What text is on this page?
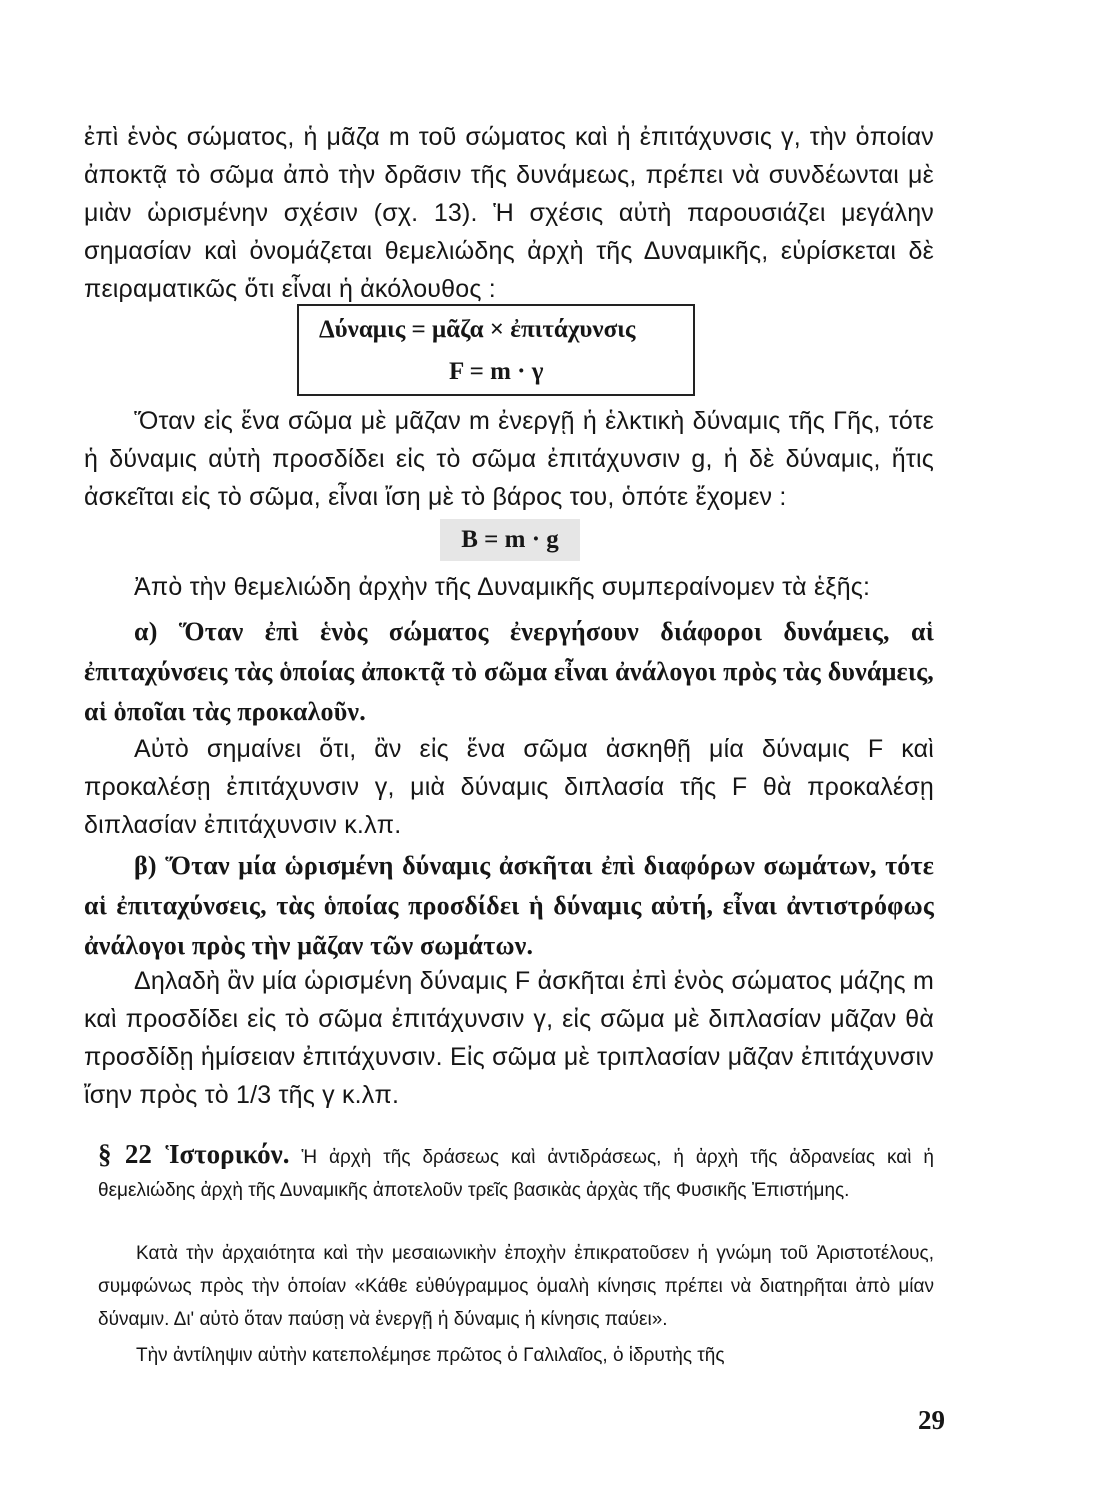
ἐπὶ ἑνὸς σώματος, ἡ μᾶζα m τοῦ σώματος καὶ ἡ ἐπιτάχυνσις γ, τὴν ὁποίαν ἀποκτᾷ τὸ σῶμα ἀπὸ τὴν δρᾶσιν τῆς δυνάμεως, πρέπει νὰ συνδέωνται μὲ μιὰν ὡρισμένην σχέσιν (σχ. 13). Ἡ σχέσις αὐτὴ παρουσιάζει μεγάλην σημασίαν καὶ ὀνομάζεται θεμελιώδης ἀρχὴ τῆς Δυναμικῆς, εὑρίσκεται δὲ πειραματικῶς ὅτι εἶναι ἡ ἀκόλουθος :
Δύναμις = μᾶζα × ἐπιτάχυνσις
F = m · γ
Ὅταν εἰς ἕνα σῶμα μὲ μᾶζαν m ἐνεργῇ ἡ ἑλκτικὴ δύναμις τῆς Γῆς, τότε ἡ δύναμις αὐτὴ προσδίδει εἰς τὸ σῶμα ἐπιτάχυνσιν g, ἡ δὲ δύναμις, ἥτις ἀσκεῖται εἰς τὸ σῶμα, εἶναι ἴση μὲ τὸ βάρος του, ὁπότε ἔχομεν :
B = m · g
Ἀπὸ τὴν θεμελιώδη ἀρχὴν τῆς Δυναμικῆς συμπεραίνομεν τὰ ἑξῆς:
α) Ὅταν ἐπὶ ἑνὸς σώματος ἐνεργήσουν διάφοροι δυνάμεις, αἱ ἐπιταχύνσεις τὰς ὁποίας ἀποκτᾷ τὸ σῶμα εἶναι ἀνάλογοι πρὸς τὰς δυνάμεις, αἱ ὁποῖαι τὰς προκαλοῦν.
Αὐτὸ σημαίνει ὅτι, ἂν εἰς ἕνα σῶμα ἀσκηθῇ μία δύναμις F καὶ προκαλέσῃ ἐπιτάχυνσιν γ, μιὰ δύναμις διπλασία τῆς F θὰ προκαλέσῃ διπλασίαν ἐπιτάχυνσιν κ.λπ.
β) Ὅταν μία ὡρισμένη δύναμις ἀσκῆται ἐπὶ διαφόρων σωμάτων, τότε αἱ ἐπιταχύνσεις, τὰς ὁποίας προσδίδει ἡ δύναμις αὐτή, εἶναι ἀντιστρόφως ἀνάλογοι πρὸς τὴν μᾶζαν τῶν σωμάτων.
Δηλαδὴ ἂν μία ὡρισμένη δύναμις F ἀσκῆται ἐπὶ ἑνὸς σώματος μάζης m καὶ προσδίδει εἰς τὸ σῶμα ἐπιτάχυνσιν γ, εἰς σῶμα μὲ διπλασίαν μᾶζαν θὰ προσδίδῃ ἡμίσειαν ἐπιτάχυνσιν. Εἰς σῶμα μὲ τριπλασίαν μᾶζαν ἐπιτάχυνσιν ἴσην πρὸς τὸ 1/3 τῆς γ κ.λπ.
§ 22 Ἱστορικόν. Ἡ ἀρχὴ τῆς δράσεως καὶ ἀντιδράσεως, ἡ ἀρχὴ τῆς ἀδρανείας καὶ ἡ θεμελιώδης ἀρχὴ τῆς Δυναμικῆς ἀποτελοῦν τρεῖς βασικὰς ἀρχὰς τῆς Φυσικῆς Ἐπιστήμης.
Κατὰ τὴν ἀρχαιότητα καὶ τὴν μεσαιωνικὴν ἐποχὴν ἐπικρατοῦσεν ἡ γνώμη τοῦ Ἀριστοτέλους, συμφώνως πρὸς τὴν ὁποίαν «Κάθε εὐθύγραμμος ὁμαλὴ κίνησις πρέπει νὰ διατηρῆται ἀπὸ μίαν δύναμιν. Δι' αὐτὸ ὅταν παύσῃ νὰ ἐνεργῇ ἡ δύναμις ἡ κίνησις παύει».
Τὴν ἀντίληψιν αὐτὴν κατεπολέμησε πρῶτος ὁ Γαλιλαῖος, ὁ ἱδρυτὴς τῆς
29
